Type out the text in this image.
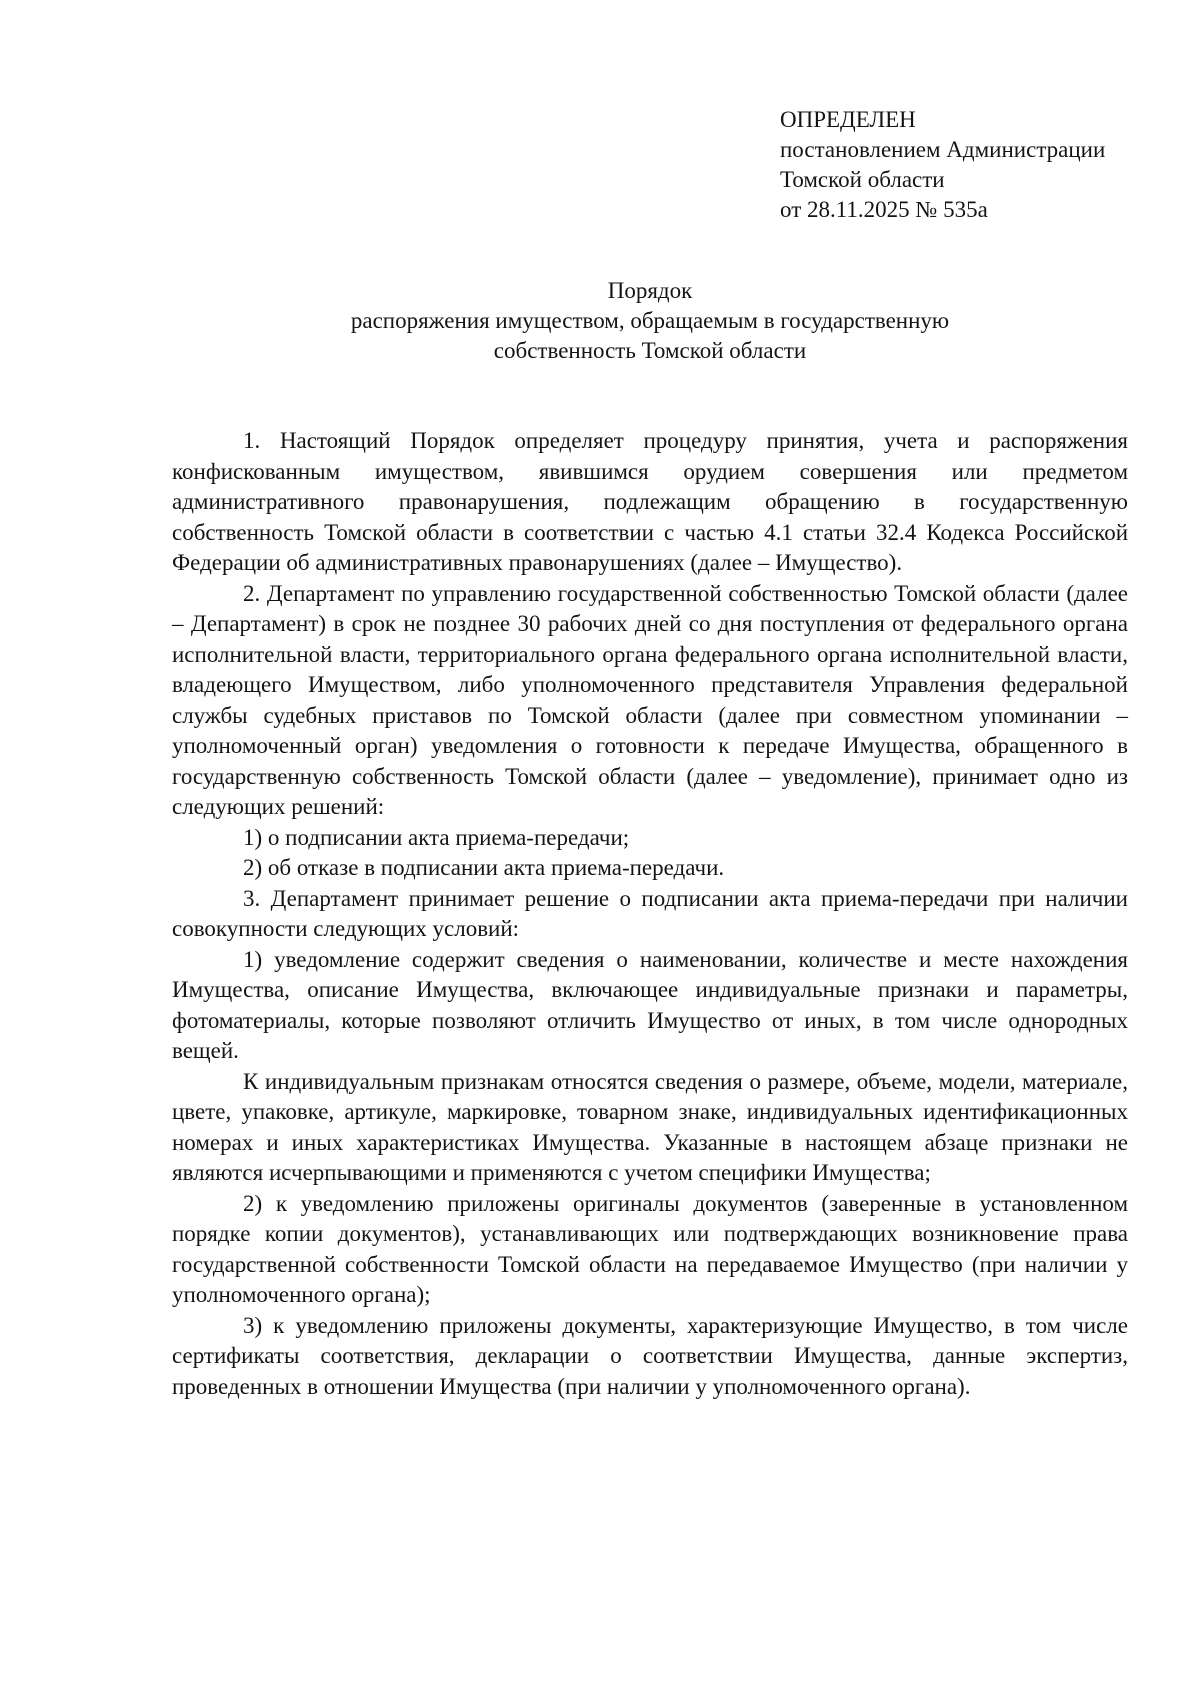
ОПРЕДЕЛЕН
постановлением Администрации
Томской области
от 28.11.2025 № 535а
Порядок
распоряжения имуществом, обращаемым в государственную
собственность Томской области

1. Настоящий Порядок определяет процедуру принятия, учета и распоряжения конфискованным имуществом, явившимся орудием совершения или предметом административного правонарушения, подлежащим обращению в государственную собственность Томской области в соответствии с частью 4.1 статьи 32.4 Кодекса Российской Федерации об административных правонарушениях (далее – Имущество).

2. Департамент по управлению государственной собственностью Томской области (далее – Департамент) в срок не позднее 30 рабочих дней со дня поступления от федерального органа исполнительной власти, территориального органа федерального органа исполнительной власти, владеющего Имуществом, либо уполномоченного представителя Управления федеральной службы судебных приставов по Томской области (далее при совместном упоминании – уполномоченный орган) уведомления о готовности к передаче Имущества, обращенного в государственную собственность Томской области (далее – уведомление), принимает одно из следующих решений:

1) о подписании акта приема-передачи;

2) об отказе в подписании акта приема-передачи.

3. Департамент принимает решение о подписании акта приема-передачи при наличии совокупности следующих условий:

1) уведомление содержит сведения о наименовании, количестве и месте нахождения Имущества, описание Имущества, включающее индивидуальные признаки и параметры, фотоматериалы, которые позволяют отличить Имущество от иных, в том числе однородных вещей.

К индивидуальным признакам относятся сведения о размере, объеме, модели, материале, цвете, упаковке, артикуле, маркировке, товарном знаке, индивидуальных идентификационных номерах и иных характеристиках Имущества. Указанные в настоящем абзаце признаки не являются исчерпывающими и применяются с учетом специфики Имущества;

2) к уведомлению приложены оригиналы документов (заверенные в установленном порядке копии документов), устанавливающих или подтверждающих возникновение права государственной собственности Томской области на передаваемое Имущество (при наличии у уполномоченного органа);

3) к уведомлению приложены документы, характеризующие Имущество, в том числе сертификаты соответствия, декларации о соответствии Имущества, данные экспертиз, проведенных в отношении Имущества (при наличии у уполномоченного органа).
